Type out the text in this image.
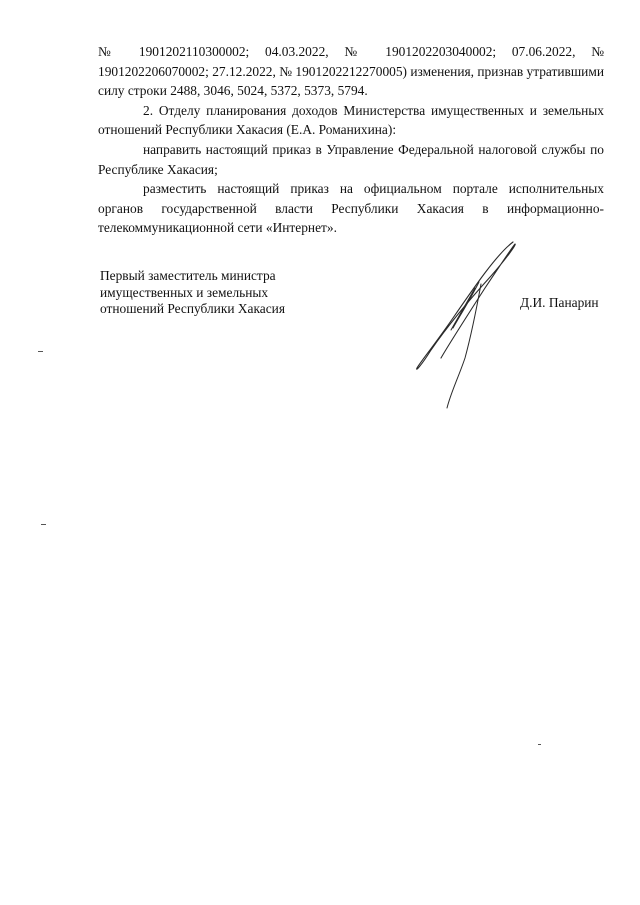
№ 1901202110300002; 04.03.2022, № 1901202203040002; 07.06.2022, № 1901202206070002; 27.12.2022, № 1901202212270005) изменения, признав утратившими силу строки 2488, 3046, 5024, 5372, 5373, 5794.

2. Отделу планирования доходов Министерства имущественных и земельных отношений Республики Хакасия (Е.А. Романихина):

направить настоящий приказ в Управление Федеральной налоговой службы по Республике Хакасия;

разместить настоящий приказ на официальном портале исполнительных органов государственной власти Республики Хакасия в информационно-телекоммуникационной сети «Интернет».

Первый заместитель министра
имущественных и земельных
отношений Республики Хакасия	Д.И. Панарин
